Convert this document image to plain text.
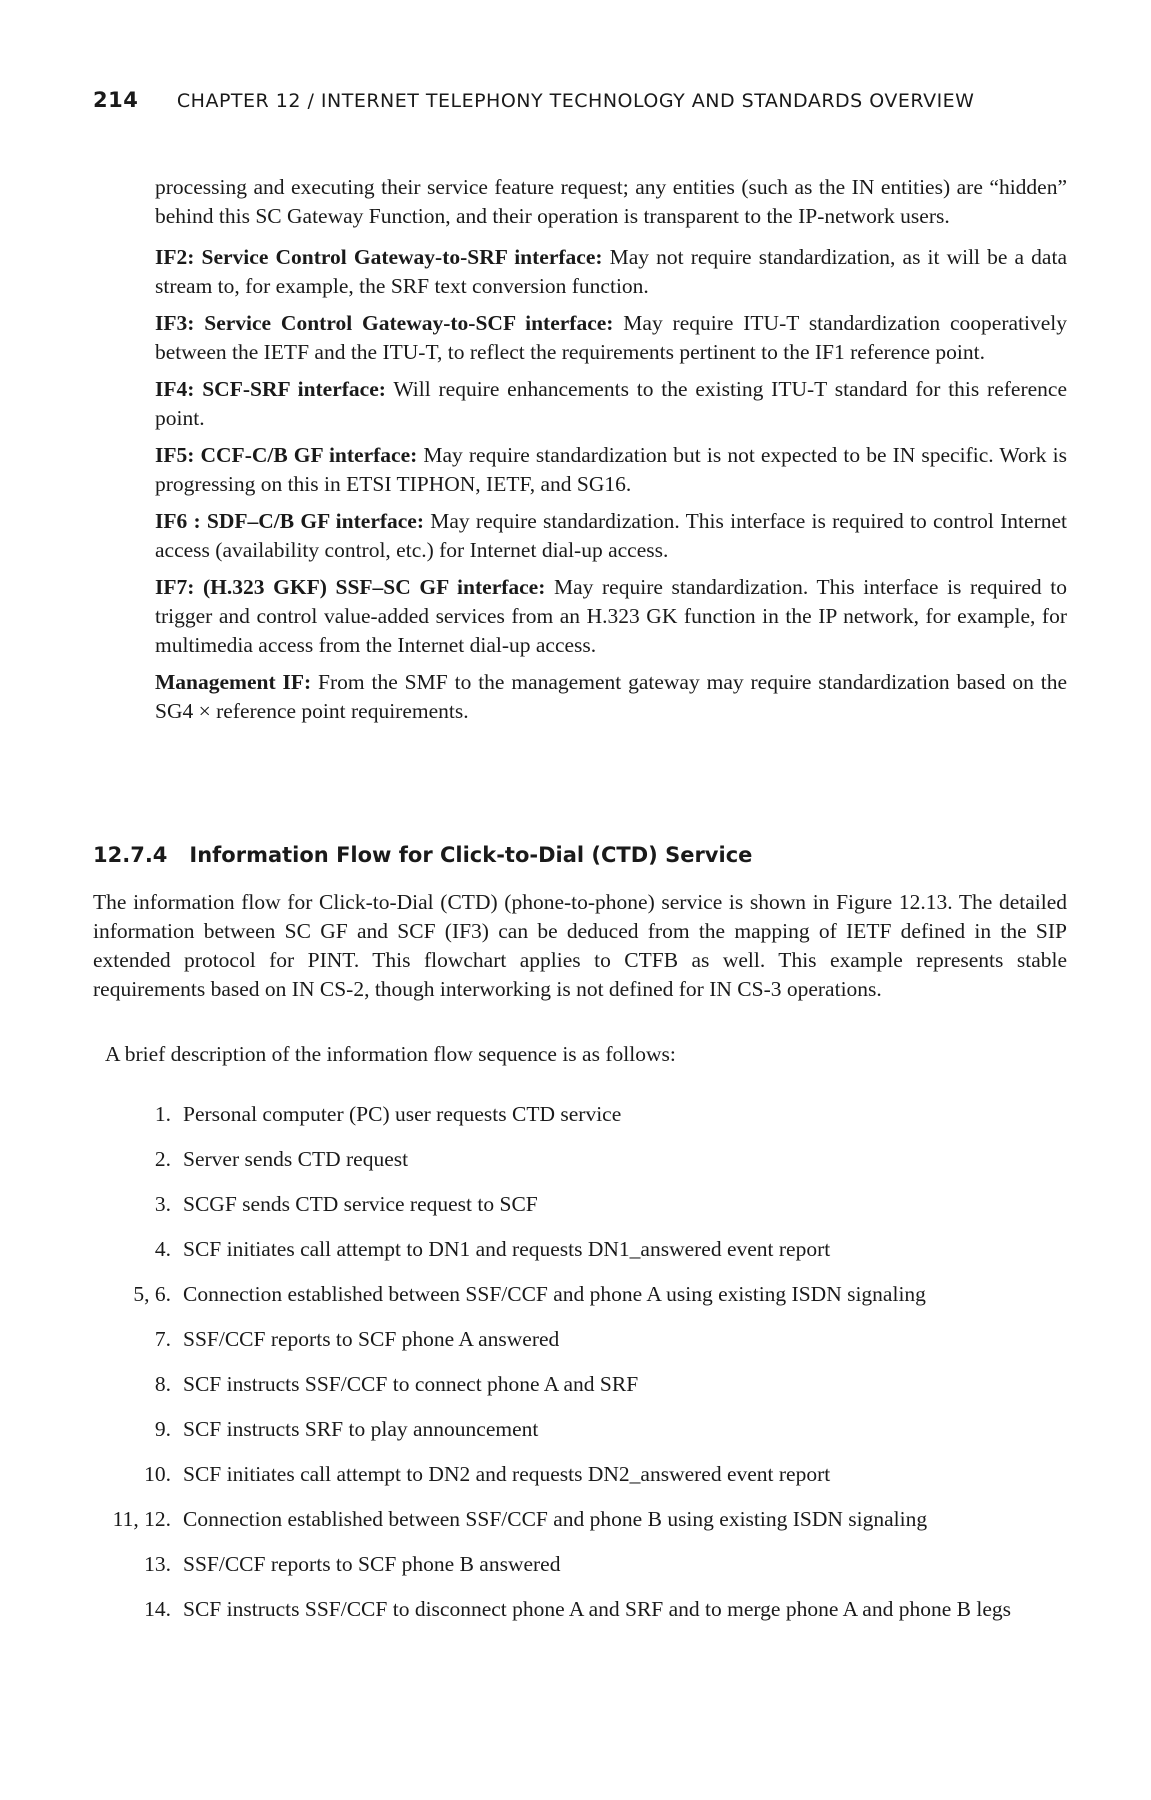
214 CHAPTER 12 / INTERNET TELEPHONY TECHNOLOGY AND STANDARDS OVERVIEW

processing and executing their service feature request; any entities (such as the IN entities) are “hidden” behind this SC Gateway Function, and their operation is transparent to the IP-network users.

IF2: Service Control Gateway-to-SRF interface: May not require standardization, as it will be a data stream to, for example, the SRF text conversion function.

IF3: Service Control Gateway-to-SCF interface: May require ITU-T standardization cooperatively between the IETF and the ITU-T, to reflect the requirements pertinent to the IF1 reference point.

IF4: SCF-SRF interface: Will require enhancements to the existing ITU-T standard for this reference point.

IF5: CCF-C/B GF interface: May require standardization but is not expected to be IN specific. Work is progressing on this in ETSI TIPHON, IETF, and SG16.

IF6 : SDF–C/B GF interface: May require standardization. This interface is required to control Internet access (availability control, etc.) for Internet dial-up access.

IF7: (H.323 GKF) SSF–SC GF interface: May require standardization. This interface is required to trigger and control value-added services from an H.323 GK function in the IP network, for example, for multimedia access from the Internet dial-up access.

Management IF: From the SMF to the management gateway may require standardization based on the SG4 × reference point requirements.

12.7.4 Information Flow for Click-to-Dial (CTD) Service

The information flow for Click-to-Dial (CTD) (phone-to-phone) service is shown in Figure 12.13. The detailed information between SC GF and SCF (IF3) can be deduced from the mapping of IETF defined in the SIP extended protocol for PINT. This flowchart applies to CTFB as well. This example represents stable requirements based on IN CS-2, though interworking is not defined for IN CS-3 operations.

A brief description of the information flow sequence is as follows:

1. Personal computer (PC) user requests CTD service
2. Server sends CTD request
3. SCGF sends CTD service request to SCF
4. SCF initiates call attempt to DN1 and requests DN1_answered event report
5, 6. Connection established between SSF/CCF and phone A using existing ISDN signaling
7. SSF/CCF reports to SCF phone A answered
8. SCF instructs SSF/CCF to connect phone A and SRF
9. SCF instructs SRF to play announcement
10. SCF initiates call attempt to DN2 and requests DN2_answered event report
11, 12. Connection established between SSF/CCF and phone B using existing ISDN signaling
13. SSF/CCF reports to SCF phone B answered
14. SCF instructs SSF/CCF to disconnect phone A and SRF and to merge phone A and phone B legs
